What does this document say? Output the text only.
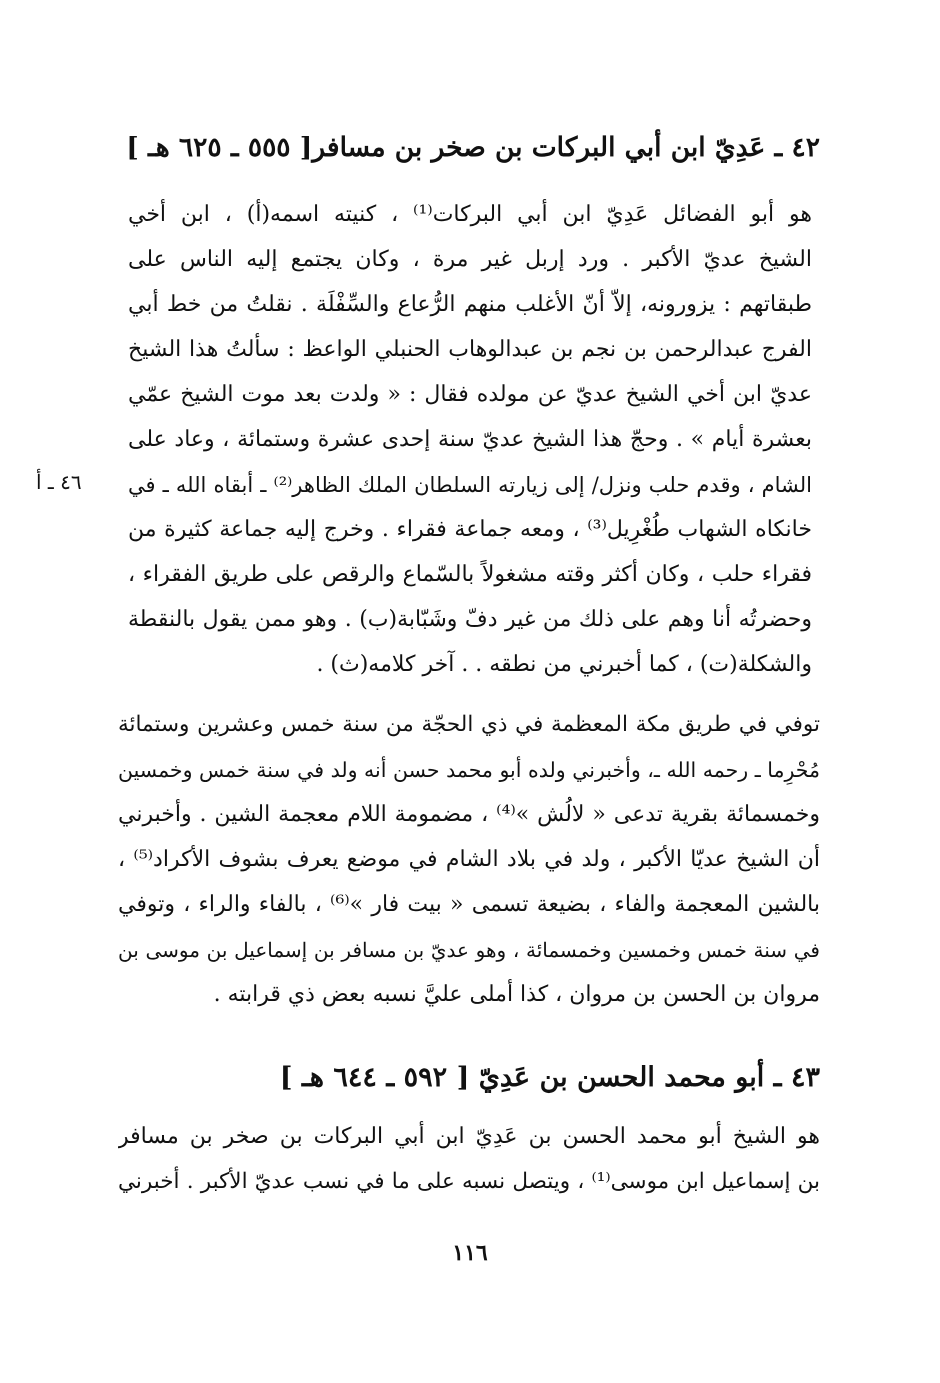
٤٢ ـ عَدِيّ ابن أبي البركات بن صخر بن مسافر[ ٥٥٥ ـ ٦٢٥ هـ ]
هو أبو الفضائل عَدِيّ ابن أبي البركات⁽¹⁾ ، كنيته اسمه(أ) ، ابن أخي
الشيخ عديّ الأكبر . ورد إربل غير مرة ، وكان يجتمع إليه الناس على
طبقاتهم : يزورونه، إلاّ أنّ الأغلب منهم الرُّعاع والسِّفْلَة . نقلتُ من خط أبي
الفرج عبدالرحمن بن نجم بن عبدالوهاب الحنبلي الواعظ : سألتُ هذا الشيخ
عديّ ابن أخي الشيخ عديّ عن مولده فقال : « ولدت بعد موت الشيخ عمّي
بعشرة أيام » . وحجّ هذا الشيخ عديّ سنة إحدى عشرة وستمائة ، وعاد على
الشام ، وقدم حلب ونزل/ إلى زيارته السلطان الملك الظاهر⁽²⁾ ـ أبقاه الله ـ في
خانكاه الشهاب طُغْرِيل⁽³⁾ ، ومعه جماعة فقراء . وخرج إليه جماعة كثيرة من
فقراء حلب ، وكان أكثر وقته مشغولاً بالسّماع والرقص على طريق الفقراء ،
وحضرتُه أنا وهم على ذلك من غير دفّ وشَبّابة(ب) . وهو ممن يقول بالنقطة
والشكلة(ت) ، كما أخبرني من نطقه . . آخر كلامه(ث) .
٤٦ ـ أ
توفي في طريق مكة المعظمة في ذي الحجّة من سنة خمس وعشرين وستمائة
مُحْرِما ـ رحمه الله ـ، وأخبرني ولده أبو محمد حسن أنه ولد في سنة خمس وخمسين
وخمسمائة بقرية تدعى « لالُش »⁽⁴⁾ ، مضمومة اللام معجمة الشين . وأخبرني
أن الشيخ عديّا الأكبر ، ولد في بلاد الشام في موضع يعرف بشوف الأكراد⁽⁵⁾ ،
بالشين المعجمة والفاء ، بضيعة تسمى « بيت فار »⁽⁶⁾ ، بالفاء والراء ، وتوفي
في سنة خمس وخمسين وخمسمائة ، وهو عديّ بن مسافر بن إسماعيل بن موسى بن
مروان بن الحسن بن مروان ، كذا أملى عليَّ نسبه بعض ذي قرابته .
٤٣ ـ أبو محمد الحسن بن عَدِيّ [ ٥٩٢ ـ ٦٤٤ هـ ]
هو الشيخ أبو محمد الحسن بن عَدِيّ ابن أبي البركات بن صخر بن مسافر
بن إسماعيل ابن موسى⁽¹⁾ ، ويتصل نسبه على ما في نسب عديّ الأكبر . أخبرني
١١٦
